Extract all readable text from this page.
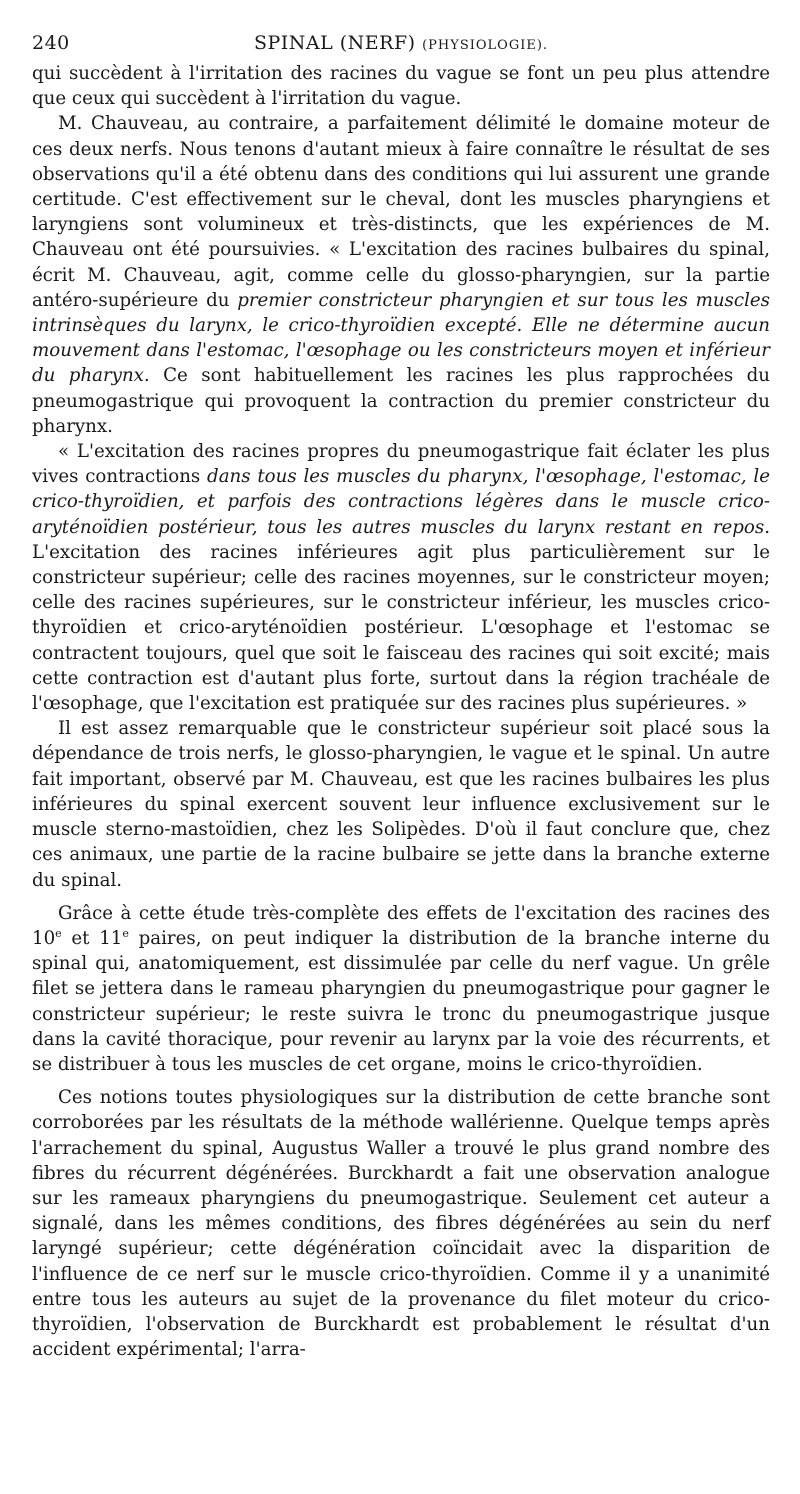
240	SPINAL (NERF) (PHYSIOLOGIE).

qui succèdent à l'irritation des racines du vague se font un peu plus attendre que ceux qui succèdent à l'irritation du vague.

M. Chauveau, au contraire, a parfaitement délimité le domaine moteur de ces deux nerfs. Nous tenons d'autant mieux à faire connaître le résultat de ses observations qu'il a été obtenu dans des conditions qui lui assurent une grande certitude. C'est effectivement sur le cheval, dont les muscles pharyngiens et laryngiens sont volumineux et très-distincts, que les expériences de M. Chauveau ont été poursuivies. « L'excitation des racines bulbaires du spinal, écrit M. Chauveau, agit, comme celle du glosso-pharyngien, sur la partie antéro-supérieure du premier constricteur pharyngien et sur tous les muscles intrinsèques du larynx, le crico-thyroïdien excepté. Elle ne détermine aucun mouvement dans l'estomac, l'œsophage ou les constricteurs moyen et inférieur du pharynx. Ce sont habituellement les racines les plus rapprochées du pneumogastrique qui provoquent la contraction du premier constricteur du pharynx.

« L'excitation des racines propres du pneumogastrique fait éclater les plus vives contractions dans tous les muscles du pharynx, l'œsophage, l'estomac, le crico-thyroïdien, et parfois des contractions légères dans le muscle crico-aryténoïdien postérieur, tous les autres muscles du larynx restant en repos. L'excitation des racines inférieures agit plus particulièrement sur le constricteur supérieur; celle des racines moyennes, sur le constricteur moyen; celle des racines supérieures, sur le constricteur inférieur, les muscles crico-thyroïdien et crico-aryténoïdien postérieur. L'œsophage et l'estomac se contractent toujours, quel que soit le faisceau des racines qui soit excité; mais cette contraction est d'autant plus forte, surtout dans la région trachéale de l'œsophage, que l'excitation est pratiquée sur des racines plus supérieures. »

Il est assez remarquable que le constricteur supérieur soit placé sous la dépendance de trois nerfs, le glosso-pharyngien, le vague et le spinal. Un autre fait important, observé par M. Chauveau, est que les racines bulbaires les plus inférieures du spinal exercent souvent leur influence exclusivement sur le muscle sterno-mastoïdien, chez les Solipèdes. D'où il faut conclure que, chez ces animaux, une partie de la racine bulbaire se jette dans la branche externe du spinal.

Grâce à cette étude très-complète des effets de l'excitation des racines des 10e et 11e paires, on peut indiquer la distribution de la branche interne du spinal qui, anatomiquement, est dissimulée par celle du nerf vague. Un grêle filet se jettera dans le rameau pharyngien du pneumogastrique pour gagner le constricteur supérieur; le reste suivra le tronc du pneumogastrique jusque dans la cavité thoracique, pour revenir au larynx par la voie des récurrents, et se distribuer à tous les muscles de cet organe, moins le crico-thyroïdien.

Ces notions toutes physiologiques sur la distribution de cette branche sont corroborées par les résultats de la méthode wallérienne. Quelque temps après l'arrachement du spinal, Augustus Waller a trouvé le plus grand nombre des fibres du récurrent dégénérées. Burckhardt a fait une observation analogue sur les rameaux pharyngiens du pneumogastrique. Seulement cet auteur a signalé, dans les mêmes conditions, des fibres dégénérées au sein du nerf laryngé supérieur; cette dégénération coïncidait avec la disparition de l'influence de ce nerf sur le muscle crico-thyroïdien. Comme il y a unanimité entre tous les auteurs au sujet de la provenance du filet moteur du crico-thyroïdien, l'observation de Burckhardt est probablement le résultat d'un accident expérimental; l'arra-
